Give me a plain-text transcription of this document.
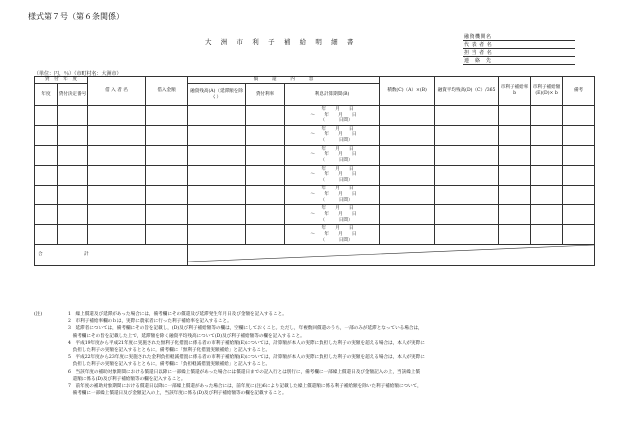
様式第７号（第６条関係）
大 洲 市 利 子 補 給 明 細 書
融資機関名
代 表 者 名
担 当 者 名
連　絡　先
（単位：円，％）（市町村名：大洲市）
貸　付　年　度		借 入 者 名	借入金額	償　　　還　　　内　　　容			積数(C)（A）×(B)	融資平均残高(D)（C）/365	市利子補給率 b	市利子補給額(E)(D)× b	備考
年度	貸付決定番号			融資残高(A)（延滞額を除く）	貸付利率	利息計算期間(B)					

						年　　月　　日
～　　年　　月　　日
（　　　日間）					

						年　　月　　日
～　　年　　月　　日
（　　　日間）					

						年　　月　　日
～　　年　　月　　日
（　　　日間）					

						年　　月　　日
～　　年　　月　　日
（　　　日間）					

						年　　月　　日
～　　年　　月　　日
（　　　日間）					

						年　　月　　日
～　　年　　月　　日
（　　　日間）					

						年　　月　　日
～　　年　　月　　日
（　　　日間）					

合　　　　　　　　　計	
(注)	1　繰上償還及び延滞があった場合には，備考欄にその償還及び延滞発生年月日及び金額を記入すること。
2　市利子補給率欄のｂは，実際に農家者に行った利子補給率を記入すること。
3　延滞者については，備考欄にその旨を記載し，(D)及び利子補給額等の欄は，空欄にしておくこと。ただし，年複数回償還のうち，一部のみが延滞となっている場合は，
　備考欄にその旨を記載した上で，延滞額を除く融資平均残高について(D)及び利子補給額等の欄を記入すること。
4　平成19年度から平成21年度に実施された無利子化措置に係る者の市利子補給額(E)については，計算額が本人の実際に負担した利子の実額を超える場合は，本人が実際に
　負担した利子の実額を記入するとともに，備考欄に「無利子化措置実額補給」と記入すること。
5　平成22年度から23年度に実施された金利負担軽減措置に係る者の市利子補給額(E)については，計算額が本人の実際に負担した利子の実額を超える場合は，本人が実際に
　負担した利子の実額を記入するとともに，備考欄に「負担軽減措置実額補給」と記入すること。
6　当該年度の補助対象期間における償還日以降に一部繰上償還があった場合には償還日までの記入行とは別行に，備考欄に一部繰上償還日及び金額記入の上，当該繰上償
　還額に係る(D)及び利子補給額等の欄を記入すること。
7　前年度の補助対象期間における償還日以降に一部繰上償還があった場合には，前年度に(注)6により記載した繰上償還額に係る利子補給額を除いた利子補給額について，
　備考欄に一部繰上償還日及び金額記入の上，当該年度に係る(D)及び利子補給額等の欄を記載すること。
